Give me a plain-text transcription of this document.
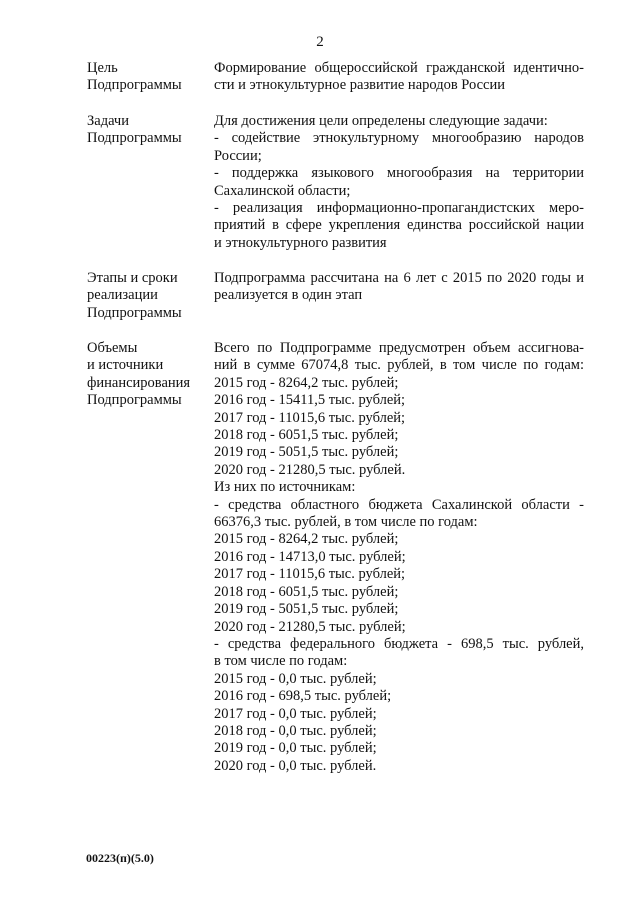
2
Цель
Подпрограммы
Формирование общероссийской гражданской идентично-
сти и этнокультурное развитие народов России
Задачи
Подпрограммы
Для достижения цели определены следующие задачи:
- содействие этнокультурному многообразию народов
России;
- поддержка языкового многообразия на территории
Сахалинской области;
- реализация информационно-пропагандистских меро-
приятий в сфере укрепления единства российской нации
и этнокультурного развития
Этапы и сроки
реализации
Подпрограммы
Подпрограмма рассчитана на 6 лет с 2015 по 2020 годы и
реализуется в один этап
Объемы
и источники
финансирования
Подпрограммы
Всего по Подпрограмме предусмотрен объем ассигнова-
ний в сумме 67074,8 тыс. рублей, в том числе по годам:
2015 год - 8264,2 тыс. рублей;
2016 год - 15411,5 тыс. рублей;
2017 год - 11015,6 тыс. рублей;
2018 год - 6051,5 тыс. рублей;
2019 год - 5051,5 тыс. рублей;
2020 год - 21280,5 тыс. рублей.
Из них по источникам:
- средства областного бюджета Сахалинской области -
66376,3 тыс. рублей, в том числе по годам:
2015 год - 8264,2 тыс. рублей;
2016 год - 14713,0 тыс. рублей;
2017 год - 11015,6 тыс. рублей;
2018 год - 6051,5 тыс. рублей;
2019 год - 5051,5 тыс. рублей;
2020 год - 21280,5 тыс. рублей;
- средства федерального бюджета - 698,5 тыс. рублей,
в том числе по годам:
2015 год - 0,0 тыс. рублей;
2016 год - 698,5 тыс. рублей;
2017 год - 0,0 тыс. рублей;
2018 год - 0,0 тыс. рублей;
2019 год - 0,0 тыс. рублей;
2020 год - 0,0 тыс. рублей.
00223(п)(5.0)
